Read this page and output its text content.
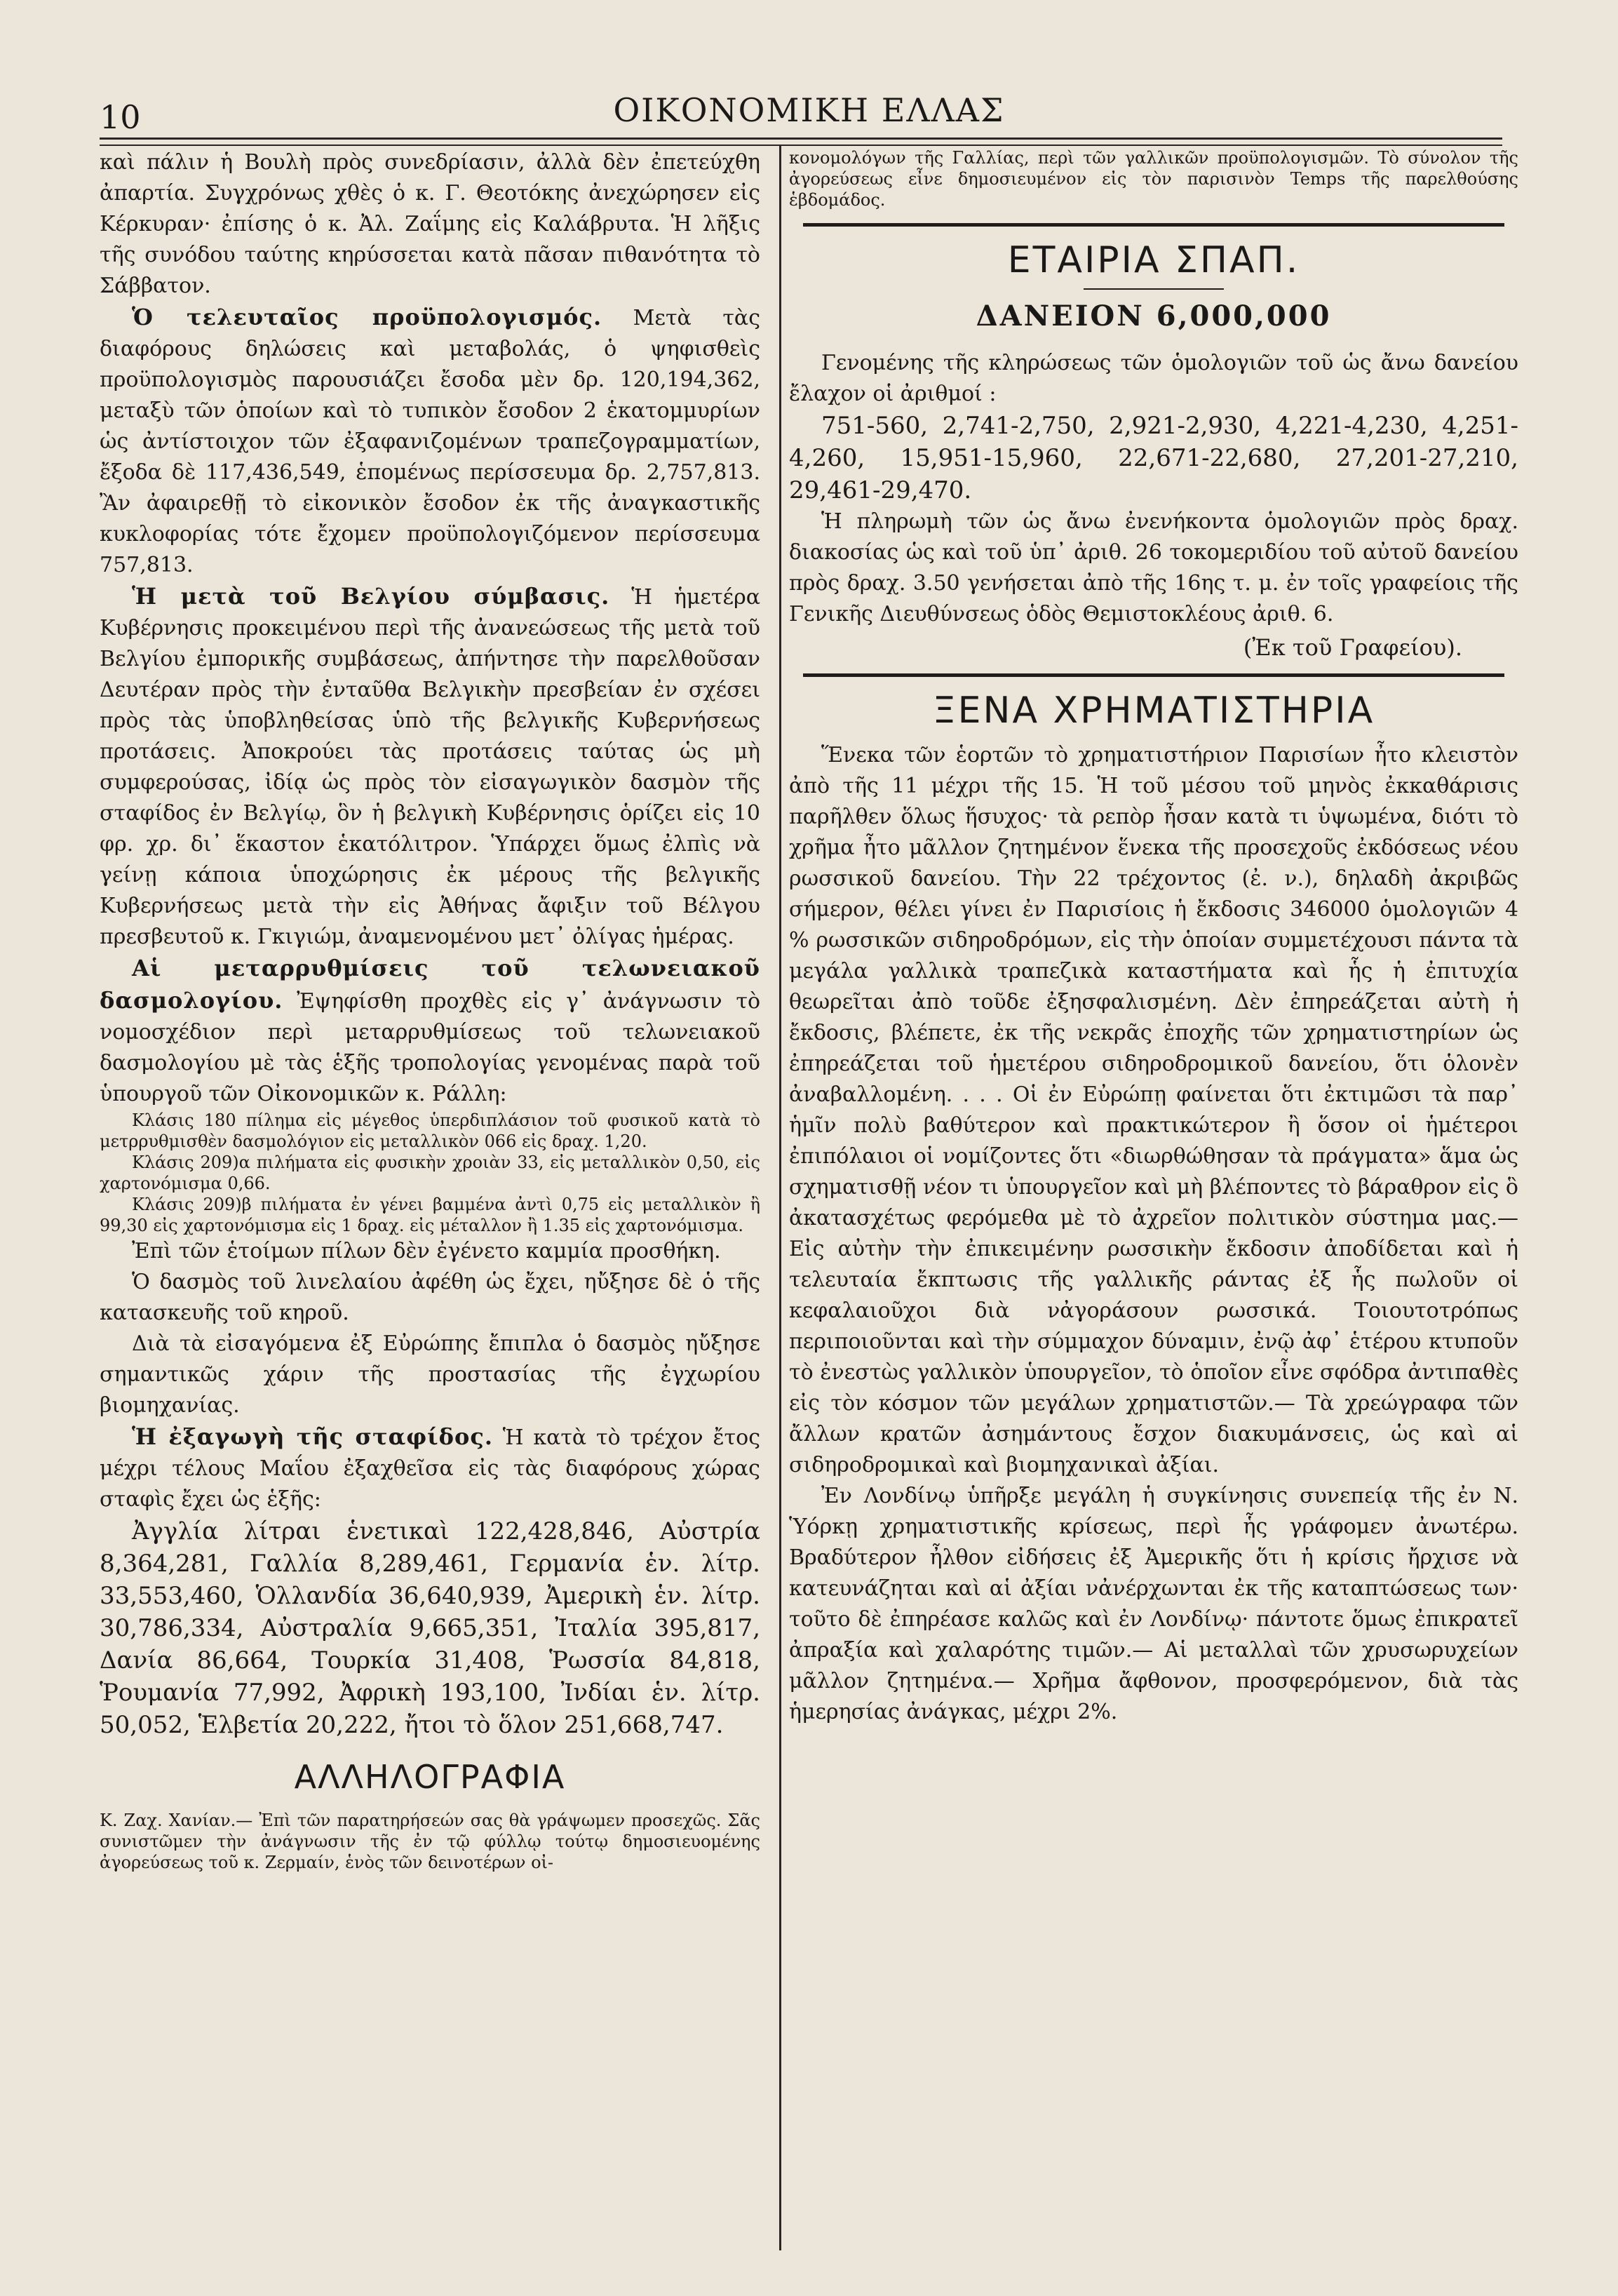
10	ΟΙΚΟΝΟΜΙΚΗ ΕΛΛΑΣ

καὶ πάλιν ἡ Βουλὴ πρὸς συνεδρίασιν, ἀλλὰ δὲν ἐπετεύχθη ἀπαρτία. Συγχρόνως χθὲς ὁ κ. Γ. Θεοτόκης ἀνεχώρησεν εἰς Κέρκυραν· ἐπίσης ὁ κ. Ἀλ. Ζαΐμης εἰς Καλάβρυτα. Ἡ λῆξις τῆς συνόδου ταύτης κηρύσσεται κατὰ πᾶσαν πιθανότητα τὸ Σάββατον.

Ὁ τελευταῖος προϋπολογισμός. Μετὰ τὰς διαφόρους δηλώσεις καὶ μεταβολάς, ὁ ψηφισθεὶς προϋπολογισμὸς παρουσιάζει ἔσοδα μὲν δρ. 120,194,362, μεταξὺ τῶν ὁποίων καὶ τὸ τυπικὸν ἔσοδον 2 ἑκατομμυρίων ὡς ἀντίστοιχον τῶν ἐξαφανιζομένων τραπεζογραμματίων, ἔξοδα δὲ 117,436,549, ἑπομένως περίσσευμα δρ. 2,757,813. Ἂν ἀφαιρεθῇ τὸ εἰκονικὸν ἔσοδον ἐκ τῆς ἀναγκαστικῆς κυκλοφορίας τότε ἔχομεν προϋπολογιζόμενον περίσσευμα 757,813.

Ἡ μετὰ τοῦ Βελγίου σύμβασις. Ἡ ἡμετέρα Κυβέρνησις προκειμένου περὶ τῆς ἀνανεώσεως τῆς μετὰ τοῦ Βελγίου ἐμπορικῆς συμβάσεως, ἀπήντησε τὴν παρελθοῦσαν Δευτέραν πρὸς τὴν ἐνταῦθα Βελγικὴν πρεσβείαν ἐν σχέσει πρὸς τὰς ὑποβληθείσας ὑπὸ τῆς βελγικῆς Κυβερνήσεως προτάσεις. Ἀποκρούει τὰς προτάσεις ταύτας ὡς μὴ συμφερούσας, ἰδίᾳ ὡς πρὸς τὸν εἰσαγωγικὸν δασμὸν τῆς σταφίδος ἐν Βελγίῳ, ὃν ἡ βελγικὴ Κυβέρνησις ὁρίζει εἰς 10 φρ. χρ. δι᾽ ἕκαστον ἑκατόλιτρον. Ὑπάρχει ὅμως ἐλπὶς νὰ γείνῃ κάποια ὑποχώρησις ἐκ μέρους τῆς βελγικῆς Κυβερνήσεως μετὰ τὴν εἰς Ἀθήνας ἄφιξιν τοῦ Βέλγου πρεσβευτοῦ κ. Γκιγιώμ, ἀναμενομένου μετ᾽ ὀλίγας ἡμέρας.

Αἱ μεταρρυθμίσεις τοῦ τελωνειακοῦ δασμολογίου. Ἐψηφίσθη προχθὲς εἰς γ᾽ ἀνάγνωσιν τὸ νομοσχέδιον περὶ μεταρρυθμίσεως τοῦ τελωνειακοῦ δασμολογίου μὲ τὰς ἑξῆς τροπολογίας γενομένας παρὰ τοῦ ὑπουργοῦ τῶν Οἰκονομικῶν κ. Ράλλη:

Κλάσις 180 πίλημα εἰς μέγεθος ὑπερδιπλάσιον τοῦ φυσικοῦ κατὰ τὸ μετρρυθμισθὲν δασμολόγιον εἰς μεταλλικὸν 066 εἰς δραχ. 1,20.

Κλάσις 209)α πιλήματα εἰς φυσικὴν χροιὰν 33, εἰς μεταλλικὸν 0,50, εἰς χαρτονόμισμα 0,66.

Κλάσις 209)β πιλήματα ἐν γένει βαμμένα ἀντὶ 0,75 εἰς μεταλλικὸν ἢ 99,30 εἰς χαρτονόμισμα εἰς 1 δραχ. εἰς μέταλλον ἢ 1.35 εἰς χαρτονόμισμα.

Ἐπὶ τῶν ἑτοίμων πίλων δὲν ἐγένετο καμμία προσθήκη.

Ὁ δασμὸς τοῦ λινελαίου ἀφέθη ὡς ἔχει, ηὔξησε δὲ ὁ τῆς κατασκευῆς τοῦ κηροῦ.

Διὰ τὰ εἰσαγόμενα ἐξ Εὐρώπης ἔπιπλα ὁ δασμὸς ηὔξησε σημαντικῶς χάριν τῆς προστασίας τῆς ἐγχωρίου βιομηχανίας.

Ἡ ἐξαγωγὴ τῆς σταφίδος. Ἡ κατὰ τὸ τρέχον ἔτος μέχρι τέλους Μαΐου ἐξαχθεῖσα εἰς τὰς διαφόρους χώρας σταφὶς ἔχει ὡς ἑξῆς:

Ἀγγλία λίτραι ἑνετικαὶ 122,428,846, Αὐστρία 8,364,281, Γαλλία 8,289,461, Γερμανία ἑν. λίτρ. 33,553,460, Ὁλλανδία 36,640,939, Ἀμερικὴ ἑν. λίτρ. 30,786,334, Αὐστραλία 9,665,351, Ἰταλία 395,817, Δανία 86,664, Τουρκία 31,408, Ῥωσσία 84,818, Ῥουμανία 77,992, Ἀφρικὴ 193,100, Ἰνδίαι ἑν. λίτρ. 50,052, Ἑλβετία 20,222, ἤτοι τὸ ὅλον 251,668,747.

ΑΛΛΗΛΟΓΡΑΦΙΑ

Κ. Ζαχ. Χανίαν.— Ἐπὶ τῶν παρατηρήσεών σας θὰ γράψωμεν προσεχῶς. Σᾶς συνιστῶμεν τὴν ἀνάγνωσιν τῆς ἐν τῷ φύλλῳ τούτῳ δημοσιευομένης ἀγορεύσεως τοῦ κ. Ζερμαίν, ἑνὸς τῶν δεινοτέρων οἰ-

κονομολόγων τῆς Γαλλίας, περὶ τῶν γαλλικῶν προϋπολογισμῶν. Τὸ σύνολον τῆς ἀγορεύσεως εἶνε δημοσιευμένον εἰς τὸν παρισινὸν Temps τῆς παρελθούσης ἑβδομάδος.

ΕΤΑΙΡΙΑ ΣΠΑΠ.
ΔΑΝΕΙΟΝ 6,000,000

Γενομένης τῆς κληρώσεως τῶν ὁμολογιῶν τοῦ ὡς ἄνω δανείου ἔλαχον οἱ ἀριθμοί :

751-560, 2,741-2,750, 2,921-2,930, 4,221-4,230, 4,251-4,260, 15,951-15,960, 22,671-22,680, 27,201-27,210, 29,461-29,470.

Ἡ πληρωμὴ τῶν ὡς ἄνω ἐνενήκοντα ὁμολογιῶν πρὸς δραχ. διακοσίας ὡς καὶ τοῦ ὑπ᾽ ἀριθ. 26 τοκομεριδίου τοῦ αὐτοῦ δανείου πρὸς δραχ. 3.50 γενήσεται ἀπὸ τῆς 16ης τ. μ. ἐν τοῖς γραφείοις τῆς Γενικῆς Διευθύνσεως ὁδὸς Θεμιστοκλέους ἀριθ. 6.

(Ἐκ τοῦ Γραφείου).
ΞΕΝΑ ΧΡΗΜΑΤΙΣΤΗΡΙΑ

Ἕνεκα τῶν ἑορτῶν τὸ χρηματιστήριον Παρισίων ἦτο κλειστὸν ἀπὸ τῆς 11 μέχρι τῆς 15. Ἡ τοῦ μέσου τοῦ μηνὸς ἐκκαθάρισις παρῆλθεν ὅλως ἥσυχος· τὰ ρεπὸρ ἦσαν κατὰ τι ὑψωμένα, διότι τὸ χρῆμα ἦτο μᾶλλον ζητημένον ἕνεκα τῆς προσεχοῦς ἐκδόσεως νέου ρωσσικοῦ δανείου. Τὴν 22 τρέχοντος (ἐ. ν.), δηλαδὴ ἀκριβῶς σήμερον, θέλει γίνει ἐν Παρισίοις ἡ ἔκδοσις 346000 ὁμολογιῶν 4 % ρωσσικῶν σιδηροδρόμων, εἰς τὴν ὁποίαν συμμετέχουσι πάντα τὰ μεγάλα γαλλικὰ τραπεζικὰ καταστήματα καὶ ἧς ἡ ἐπιτυχία θεωρεῖται ἀπὸ τοῦδε ἐξησφαλισμένη. Δὲν ἐπηρεάζεται αὐτὴ ἡ ἔκδοσις, βλέπετε, ἐκ τῆς νεκρᾶς ἐποχῆς τῶν χρηματιστηρίων ὡς ἐπηρεάζεται τοῦ ἡμετέρου σιδηροδρομικοῦ δανείου, ὅτι ὁλονὲν ἀναβαλλομένη. . . . Οἱ ἐν Εὐρώπῃ φαίνεται ὅτι ἐκτιμῶσι τὰ παρ᾽ ἡμῖν πολὺ βαθύτερον καὶ πρακτικώτερον ἢ ὅσον οἱ ἡμέτεροι ἐπιπόλαιοι οἱ νομίζοντες ὅτι «διωρθώθησαν τὰ πράγματα» ἅμα ὡς σχηματισθῇ νέον τι ὑπουργεῖον καὶ μὴ βλέποντες τὸ βάραθρον εἰς ὃ ἀκατασχέτως φερόμεθα μὲ τὸ ἀχρεῖον πολιτικὸν σύστημα μας.— Εἰς αὐτὴν τὴν ἐπικειμένην ρωσσικὴν ἔκδοσιν ἀποδίδεται καὶ ἡ τελευταία ἔκπτωσις τῆς γαλλικῆς ράντας ἐξ ἧς πωλοῦν οἱ κεφαλαιοῦχοι διὰ νἀγοράσουν ρωσσικά. Τοιουτοτρόπως περιποιοῦνται καὶ τὴν σύμμαχον δύναμιν, ἐνῷ ἀφ᾽ ἑτέρου κτυποῦν τὸ ἐνεστὼς γαλλικὸν ὑπουργεῖον, τὸ ὁποῖον εἶνε σφόδρα ἀντιπαθὲς εἰς τὸν κόσμον τῶν μεγάλων χρηματιστῶν.— Τὰ χρεώγραφα τῶν ἄλλων κρατῶν ἀσημάντους ἔσχον διακυμάνσεις, ὡς καὶ αἱ σιδηροδρομικαὶ καὶ βιομηχανικαὶ ἀξίαι.

Ἐν Λονδίνῳ ὑπῆρξε μεγάλη ἡ συγκίνησις συνεπείᾳ τῆς ἐν Ν. Ὑόρκῃ χρηματιστικῆς κρίσεως, περὶ ἧς γράφομεν ἀνωτέρω. Βραδύτερον ἦλθον εἰδήσεις ἐξ Ἀμερικῆς ὅτι ἡ κρίσις ἤρχισε νὰ κατευνάζηται καὶ αἱ ἀξίαι νἀνέρχωνται ἐκ τῆς καταπτώσεως των· τοῦτο δὲ ἐπηρέασε καλῶς καὶ ἐν Λονδίνῳ· πάντοτε ὅμως ἐπικρατεῖ ἀπραξία καὶ χαλαρότης τιμῶν.— Αἱ μεταλλαὶ τῶν χρυσωρυχείων μᾶλλον ζητημένα.— Χρῆμα ἄφθονον, προσφερόμενον, διὰ τὰς ἡμερησίας ἀνάγκας, μέχρι 2%.
